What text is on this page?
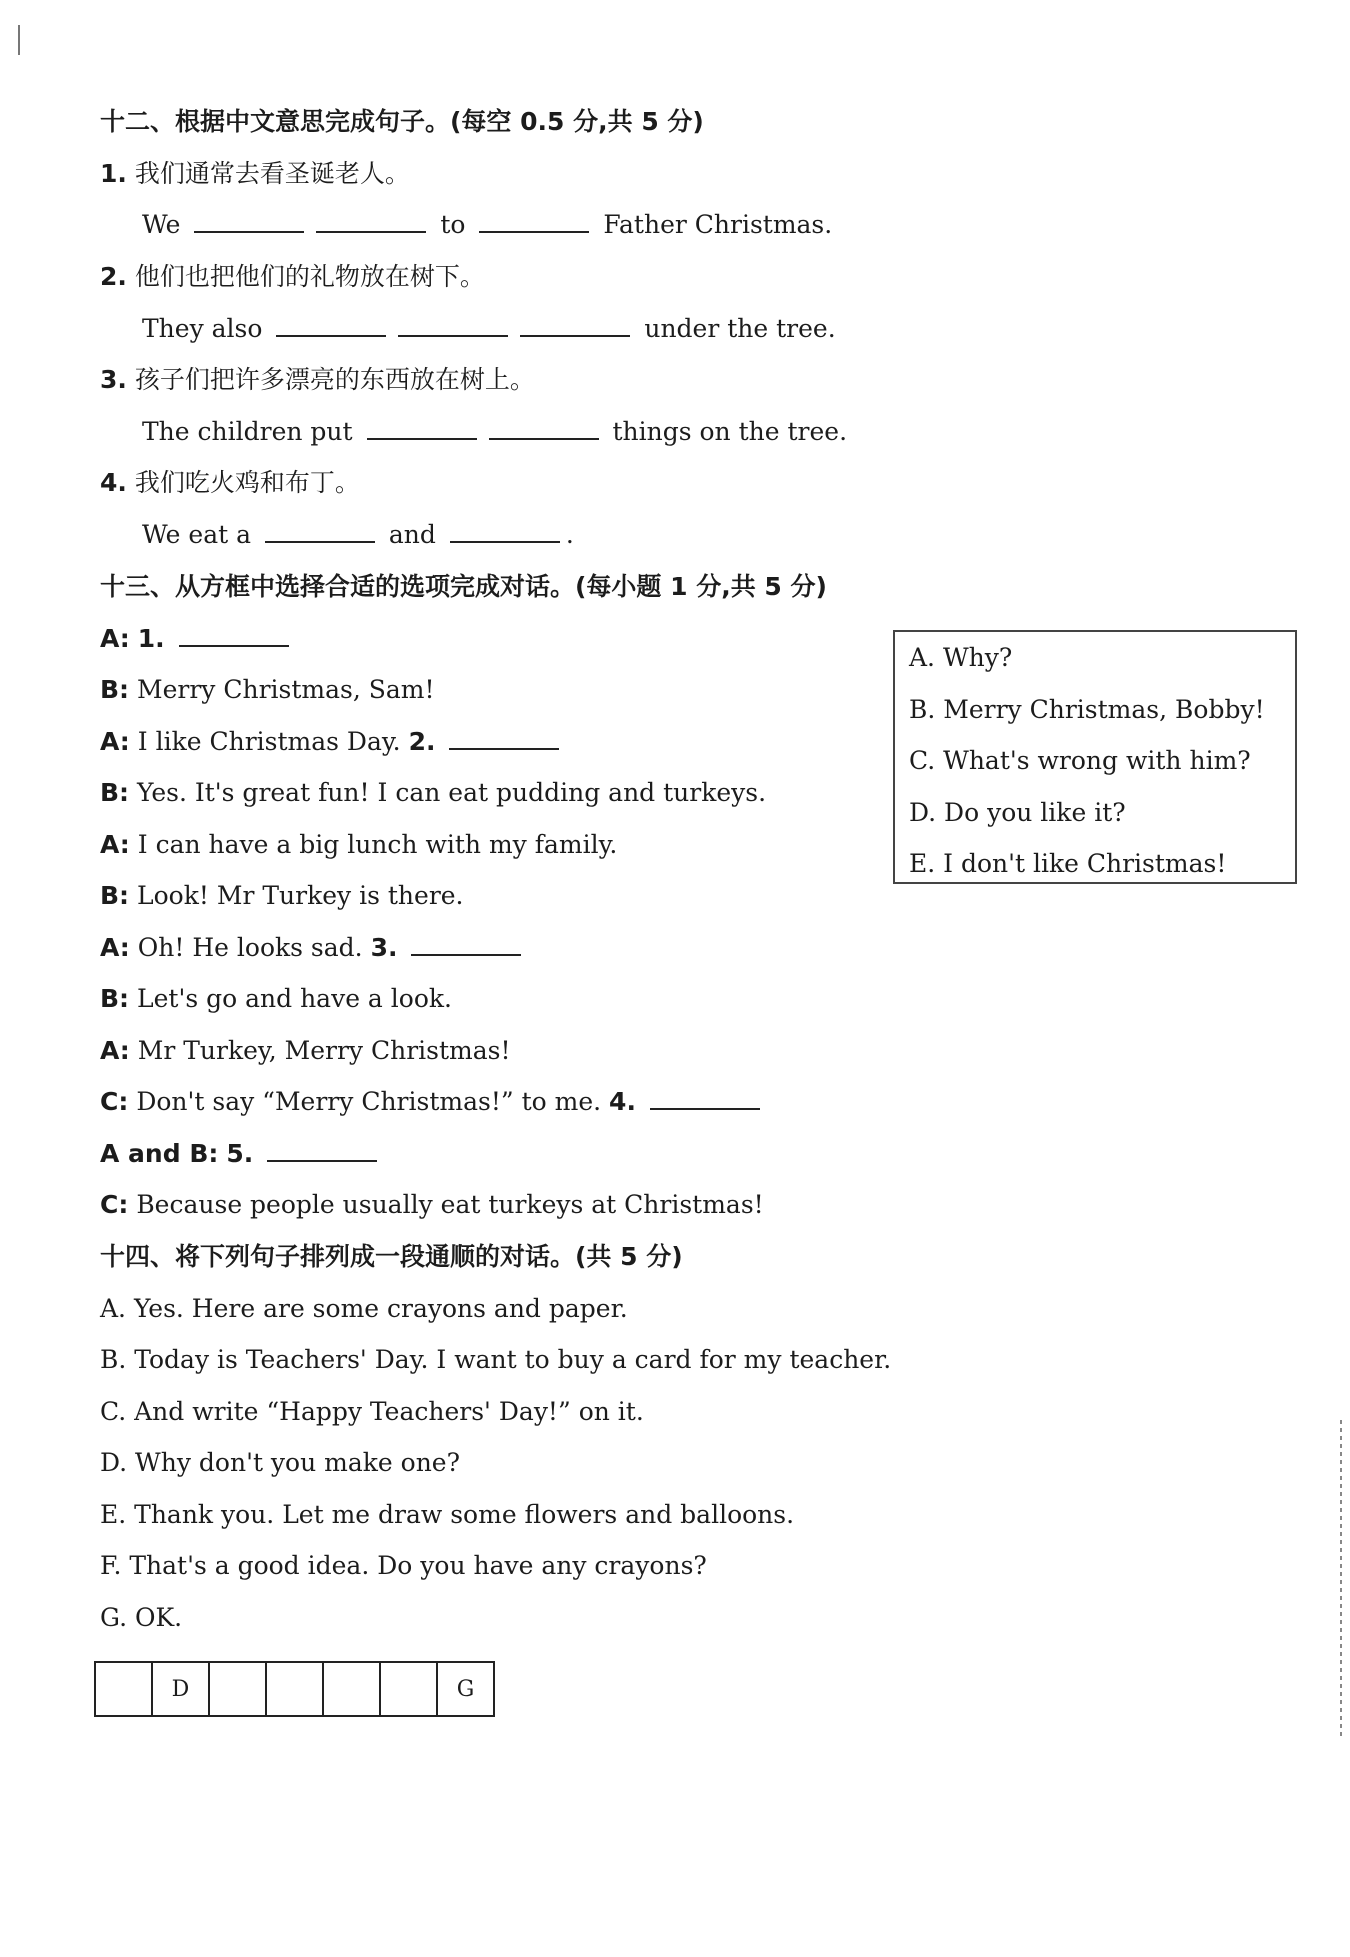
十二、根据中文意思完成句子。(每空 0.5 分,共 5 分)
1. 我们通常去看圣诞老人。
We	to	Father Christmas.
2. 他们也把他们的礼物放在树下。
They also	under the tree.
3. 孩子们把许多漂亮的东西放在树上。
The children put	things on the tree.
4. 我们吃火鸡和布丁。
We eat a	and	.
十三、从方框中选择合适的选项完成对话。(每小题 1 分,共 5 分)
A: 1.
B: Merry Christmas, Sam!
A: I like Christmas Day. 2.
B: Yes. It's great fun! I can eat pudding and turkeys.
A: I can have a big lunch with my family.
B: Look! Mr Turkey is there.
A: Oh! He looks sad. 3.
B: Let's go and have a look.
A: Mr Turkey, Merry Christmas!
C: Don't say “Merry Christmas!” to me. 4.
A and B: 5.
C: Because people usually eat turkeys at Christmas!
A. Why?
B. Merry Christmas, Bobby!
C. What's wrong with him?
D. Do you like it?
E. I don't like Christmas!
十四、将下列句子排列成一段通顺的对话。(共 5 分)
A. Yes. Here are some crayons and paper.
B. Today is Teachers' Day. I want to buy a card for my teacher.
C. And write “Happy Teachers' Day!” on it.
D. Why don't you make one?
E. Thank you. Let me draw some flowers and balloons.
F. That's a good idea. Do you have any crayons?
G. OK.
	D					G
